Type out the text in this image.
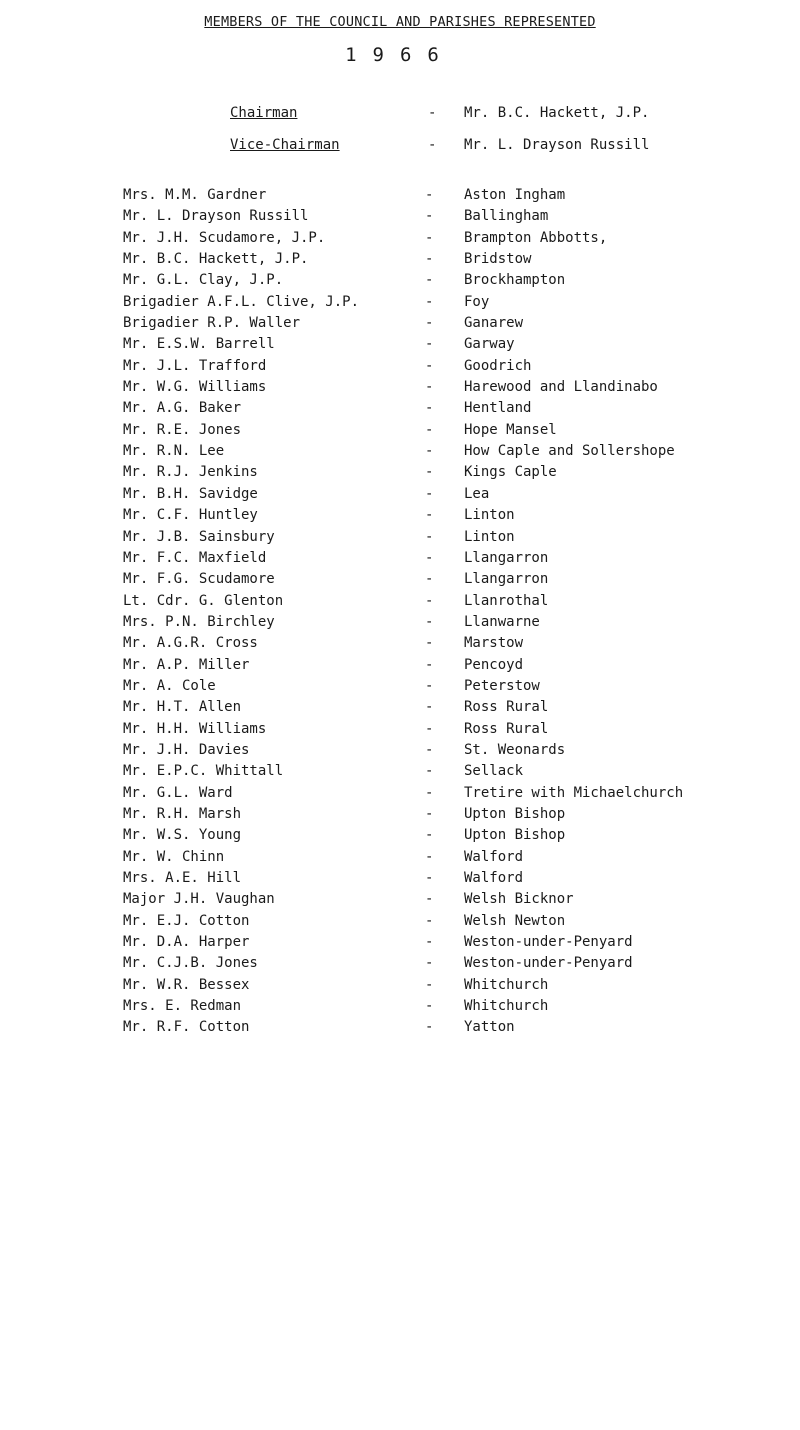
MEMBERS OF THE COUNCIL AND PARISHES REPRESENTED
1966
Chairman	- Mr. B.C. Hackett, J.P.
Vice-Chairman	- Mr. L. Drayson Russill
Mrs. M.M. Gardner	- Aston Ingham
Mr. L. Drayson Russill	- Ballingham
Mr. J.H. Scudamore, J.P.	- Brampton Abbotts,
Mr. B.C. Hackett, J.P.	- Bridstow
Mr. G.L. Clay, J.P.	- Brockhampton
Brigadier A.F.L. Clive, J.P.	- Foy
Brigadier R.P. Waller	- Ganarew
Mr. E.S.W. Barrell	- Garway
Mr. J.L. Trafford	- Goodrich
Mr. W.G. Williams	- Harewood and Llandinabo
Mr. A.G. Baker	- Hentland
Mr. R.E. Jones	- Hope Mansel
Mr. R.N. Lee	- How Caple and Sollershope
Mr. R.J. Jenkins	- Kings Caple
Mr. B.H. Savidge	- Lea
Mr. C.F. Huntley	- Linton
Mr. J.B. Sainsbury	- Linton
Mr. F.C. Maxfield	- Llangarron
Mr. F.G. Scudamore	- Llangarron
Lt. Cdr. G. Glenton	- Llanrothal
Mrs. P.N. Birchley	- Llanwarne
Mr. A.G.R. Cross	- Marstow
Mr. A.P. Miller	- Pencoyd
Mr. A. Cole	- Peterstow
Mr. H.T. Allen	- Ross Rural
Mr. H.H. Williams	- Ross Rural
Mr. J.H. Davies	- St. Weonards
Mr. E.P.C. Whittall	- Sellack
Mr. G.L. Ward	- Tretire with Michaelchurch
Mr. R.H. Marsh	- Upton Bishop
Mr. W.S. Young	- Upton Bishop
Mr. W. Chinn	- Walford
Mrs. A.E. Hill	- Walford
Major J.H. Vaughan	- Welsh Bicknor
Mr. E.J. Cotton	- Welsh Newton
Mr. D.A. Harper	- Weston-under-Penyard
Mr. C.J.B. Jones	- Weston-under-Penyard
Mr. W.R. Bessex	- Whitchurch
Mrs. E. Redman	- Whitchurch
Mr. R.F. Cotton	- Yatton
